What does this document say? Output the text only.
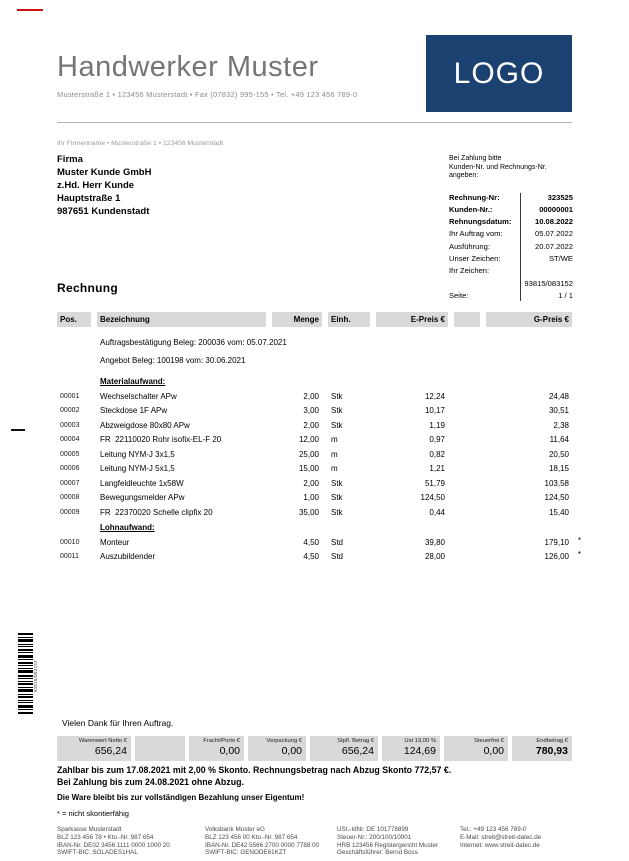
Handwerker Muster
Musterstraße 1 • 123456 Musterstadt • Fax (07832) 995-155 • Tel. +49 123 456 789-0
LOGO
Ihr Firmenname • Musterstraße 1 • 123456 Musterstadt
Firma
Muster Kunde GmbH
z.Hd. Herr Kunde
Hauptstraße 1
987651 Kundenstadt
Bei Zahlung bitte
Kunden-Nr. und Rechnungs-Nr. angeben:
Rechnung-Nr:	323525
Kunden-Nr.:	00000001
Rehnungsdatum:	10.08.2022
Ihr Auftrag vom:	05.07.2022
Ausführung:	20.07.2022
Unser Zeichen:	ST/WE
Ihr Zeichen:
93815/083152
Seite:	1 / 1
Rechnung
Pos.	Bezeichnung	Menge	Einh.	E-Preis €	G-Preis €
Auftragsbestätigung Beleg: 200036 vom: 05.07.2021
Angebot Beleg: 100198 vom: 30.06.2021
Materialaufwand:
00001	Wechselschalter APw	2,00	Stk	12,24	24,48
00002	Steckdose 1F APw	3,00	Stk	10,17	30,51
00003	Abzweigdose 80x80 APw	2,00	Stk	1,19	2,38
00004	FR  22110020 Rohr isofix-EL-F 20	12,00	m	0,97	11,64
00005	Leitung NYM-J 3x1,5	25,00	m	0,82	20,50
00006	Leitung NYM-J 5x1,5	15,00	m	1,21	18,15
00007	Langfeldleuchte 1x58W	2,00	Stk	51,79	103,58
00008	Bewegungsmelder APw	1,00	Stk	124,50	124,50
00009	FR  22370020 Schelle clipfix 20	35,00	Stk	0,44	15,40
Lohnaufwand:
00010	Monteur	4,50	Std	39,80	179,10 *
00011	Auszubildender	4,50	Std	28,00	126,00 *
93815/083152
Vielen Dank für Ihren Auftrag.
Warenwert Netto €
656,24
Fracht/Porto €
0,00
Verpackung €
0,00
Stpfl. Betrag €
656,24
Ust 19,00 %
124,69
Steuerfrei €
0,00
Endbetrag €
780,93
Zahlbar bis zum 17.08.2021 mit 2,00 % Skonto. Rechnungsbetrag nach Abzug Skonto 772,57 €.
Bei Zahlung bis zum 24.08.2021 ohne Abzug.
Die Ware bleibt bis zur vollständigen Bezahlung unser Eigentum!
* = nicht skontierfähig
Sparkasse Musterstadt
BLZ 123 456 78 • Kto.-Nr. 987 654
IBAN-Nr. DE02 3456 1111 0000 1000 20
SWIFT-BIC: SOLADES1HAL
Volksbank Muster eG
BLZ 123 456 00 Kto.-Nr. 987 654
IBAN-Nr. DE42 5566 2700 0000 7788 00
SWIFT-BIC: GENODE61KZT
USt.-IdNr. DE 101778899
Steuer-Nr.: 200/100/10001
HRB 123456 Registergericht Muster
Geschäftsführer: Bernd Boss
Tel.: +49 123 456 789-0
E-Mail: streit@streit-datec.de
Internet: www.streit-datec.de
